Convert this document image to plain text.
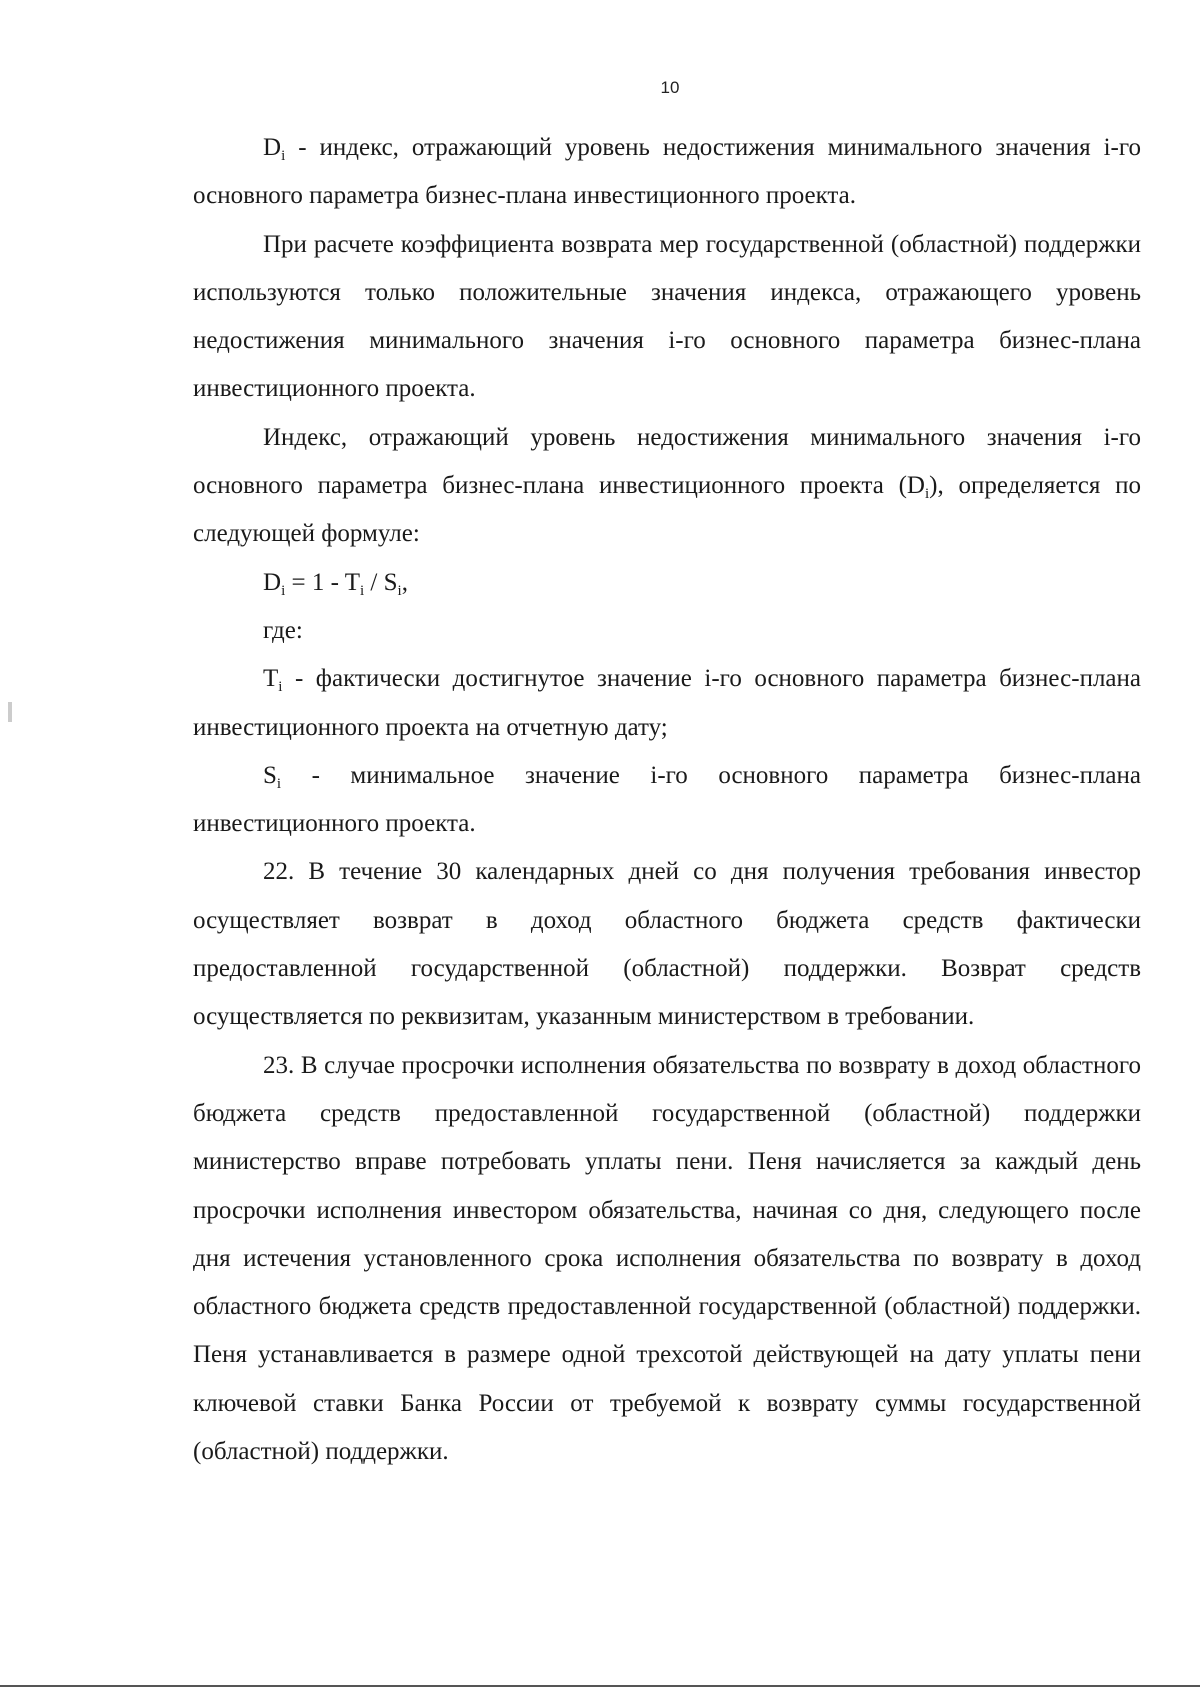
10

$D_i$ - индекс, отражающий уровень недостижения минимального значения i-го основного параметра бизнес-плана инвестиционного проекта.

При расчете коэффициента возврата мер государственной (областной) поддержки используются только положительные значения индекса, отражающего уровень недостижения минимального значения i-го основного параметра бизнес-плана инвестиционного проекта.

Индекс, отражающий уровень недостижения минимального значения i-го основного параметра бизнес-плана инвестиционного проекта $(D_i)$, определяется по следующей формуле:

$D_i = 1 - T_i / S_i$,

где:

$T_i$ - фактически достигнутое значение i-го основного параметра бизнес-плана инвестиционного проекта на отчетную дату;

$S_i$ - минимальное значение i-го основного параметра бизнес-плана инвестиционного проекта.

22. В течение 30 календарных дней со дня получения требования инвестор осуществляет возврат в доход областного бюджета средств фактически предоставленной государственной (областной) поддержки. Возврат средств осуществляется по реквизитам, указанным министерством в требовании.

23. В случае просрочки исполнения обязательства по возврату в доход областного бюджета средств предоставленной государственной (областной) поддержки министерство вправе потребовать уплаты пени. Пеня начисляется за каждый день просрочки исполнения инвестором обязательства, начиная со дня, следующего после дня истечения установленного срока исполнения обязательства по возврату в доход областного бюджета средств предоставленной государственной (областной) поддержки. Пеня устанавливается в размере одной трехсотой действующей на дату уплаты пени ключевой ставки Банка России от требуемой к возврату суммы государственной (областной) поддержки.
